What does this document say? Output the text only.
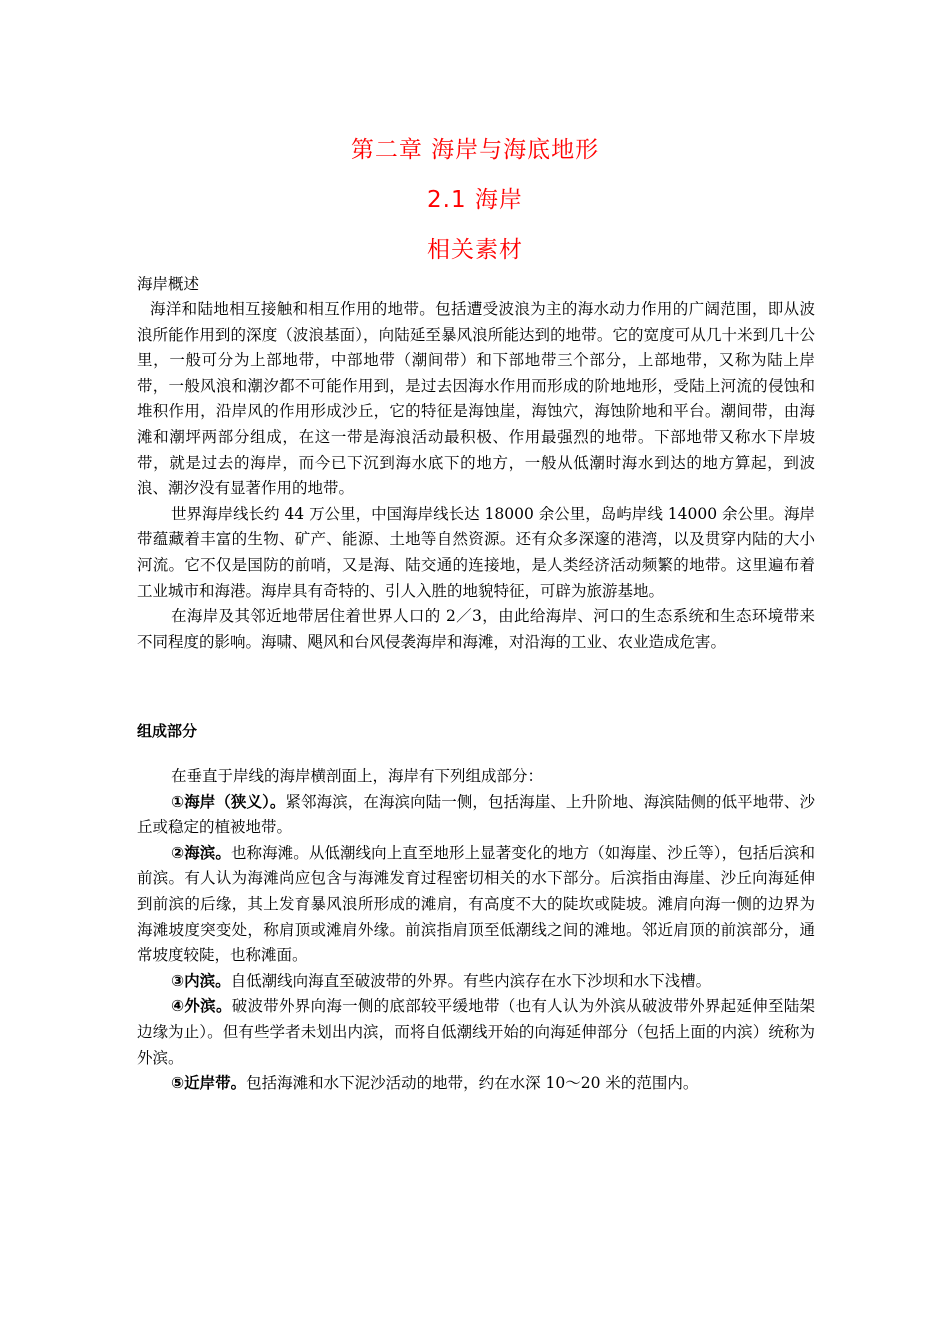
第二章 海岸与海底地形
2.1 海岸
相关素材
海岸概述

海洋和陆地相互接触和相互作用的地带。包括遭受波浪为主的海水动力作用的广阔范围，即从波浪所能作用到的深度（波浪基面），向陆延至暴风浪所能达到的地带。它的宽度可从几十米到几十公里，一般可分为上部地带，中部地带（潮间带）和下部地带三个部分，上部地带，又称为陆上岸带，一般风浪和潮汐都不可能作用到，是过去因海水作用而形成的阶地地形，受陆上河流的侵蚀和堆积作用，沿岸风的作用形成沙丘，它的特征是海蚀崖，海蚀穴，海蚀阶地和平台。潮间带，由海滩和潮坪两部分组成，在这一带是海浪活动最积极、作用最强烈的地带。下部地带又称水下岸坡带，就是过去的海岸，而今已下沉到海水底下的地方，一般从低潮时海水到达的地方算起，到波浪、潮汐没有显著作用的地带。

世界海岸线长约 44 万公里，中国海岸线长达 18000 余公里，岛屿岸线 14000 余公里。海岸带蕴藏着丰富的生物、矿产、能源、土地等自然资源。还有众多深邃的港湾，以及贯穿内陆的大小河流。它不仅是国防的前哨，又是海、陆交通的连接地，是人类经济活动频繁的地带。这里遍布着工业城市和海港。海岸具有奇特的、引人入胜的地貌特征，可辟为旅游基地。

在海岸及其邻近地带居住着世界人口的 2／3，由此给海岸、河口的生态系统和生态环境带来不同程度的影响。海啸、飓风和台风侵袭海岸和海滩，对沿海的工业、农业造成危害。

组成部分

在垂直于岸线的海岸横剖面上，海岸有下列组成部分：

①海岸（狭义）。紧邻海滨，在海滨向陆一侧，包括海崖、上升阶地、海滨陆侧的低平地带、沙丘或稳定的植被地带。

②海滨。也称海滩。从低潮线向上直至地形上显著变化的地方（如海崖、沙丘等），包括后滨和前滨。有人认为海滩尚应包含与海滩发育过程密切相关的水下部分。后滨指由海崖、沙丘向海延伸到前滨的后缘，其上发育暴风浪所形成的滩肩，有高度不大的陡坎或陡坡。滩肩向海一侧的边界为海滩坡度突变处，称肩顶或滩肩外缘。前滨指肩顶至低潮线之间的滩地。邻近肩顶的前滨部分，通常坡度较陡，也称滩面。

③内滨。自低潮线向海直至破波带的外界。有些内滨存在水下沙坝和水下浅槽。

④外滨。破波带外界向海一侧的底部较平缓地带（也有人认为外滨从破波带外界起延伸至陆架边缘为止）。但有些学者未划出内滨，而将自低潮线开始的向海延伸部分（包括上面的内滨）统称为外滨。

⑤近岸带。包括海滩和水下泥沙活动的地带，约在水深 10～20 米的范围内。
